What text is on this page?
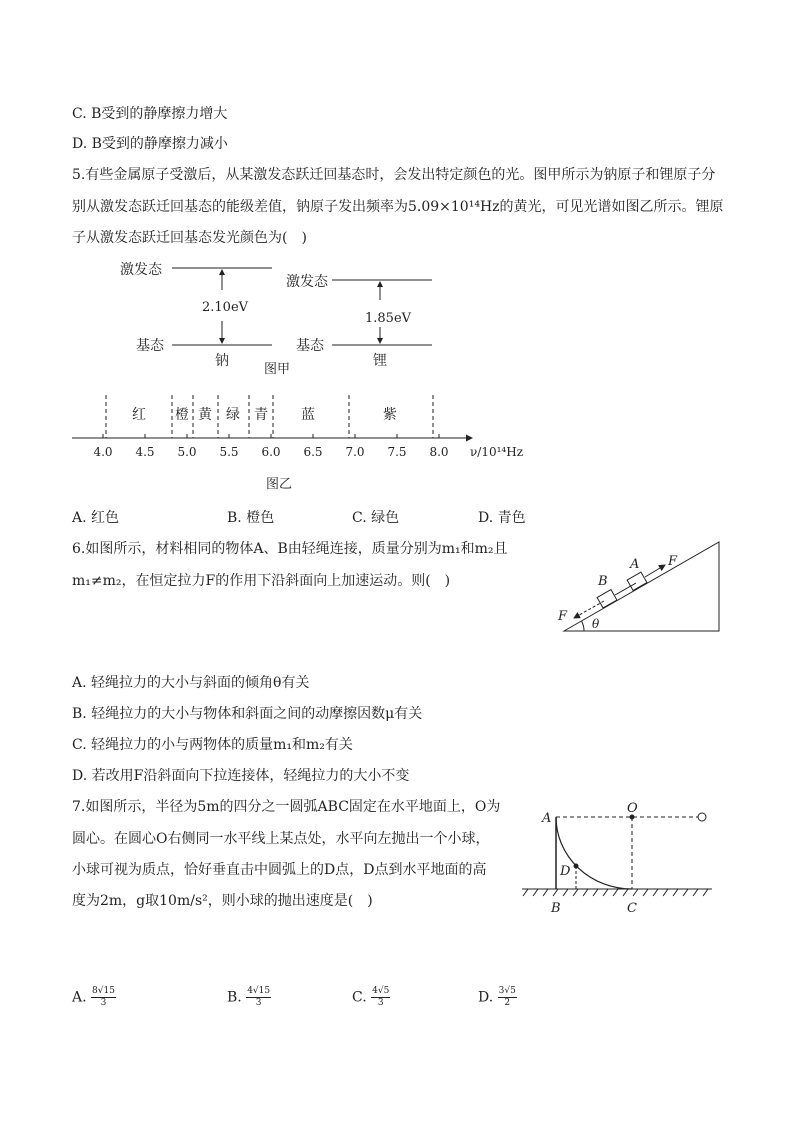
C. B受到的静摩擦力增大
D. B受到的静摩擦力减小
5.有些金属原子受激后，从某激发态跃迁回基态时，会发出特定颜色的光。图甲所示为钠原子和锂原子分
别从激发态跃迁回基态的能级差值，钠原子发出频率为5.09×10¹⁴Hz的黄光，可见光谱如图乙所示。锂原
子从激发态跃迁回基态发光颜色为(　)
激发态
基态
2.10eV
钠
激发态
基态
1.85eV
锂
图甲
红 橙 黄 绿 青 蓝	紫
4.0 4.5 5.0 5.5 6.0 6.5 7.0 7.5 8.0 ν/10¹⁴Hz
图乙
A. 红色	B. 橙色	C. 绿色	D. 青色
6.如图所示，材料相同的物体A、B由轻绳连接，质量分别为m₁和m₂且
m₁≠m₂，在恒定拉力F的作用下沿斜面向上加速运动。则(　)
F
A
B
F θ
A. 轻绳拉力的大小与斜面的倾角θ有关
B. 轻绳拉力的大小与物体和斜面之间的动摩擦因数μ有关
C. 轻绳拉力的小与两物体的质量m₁和m₂有关
D. 若改用F沿斜面向下拉连接体，轻绳拉力的大小不变
7.如图所示，半径为5m的四分之一圆弧ABC固定在水平地面上，O为
圆心。在圆心O右侧同一水平线上某点处，水平向左抛出一个小球，
小球可视为质点，恰好垂直击中圆弧上的D点，D点到水平地面的高
度为2m，g取10m/s²，则小球的抛出速度是(　)
A
O
D
B	C
A. $\frac{8√15}{3}$	B. $\frac{4√15}{3}$	C. $\frac{4√5}{3}$	D. $\frac{3√5}{2}$
